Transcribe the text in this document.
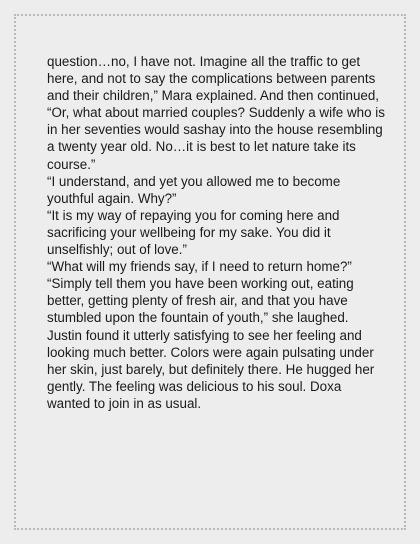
question…no, I have not. Imagine all the traffic to get here, and not to say the complications between parents and their children,” Mara explained. And then continued, “Or, what about married couples? Suddenly a wife who is in her seventies would sashay into the house resembling a twenty year old. No…it is best to let nature take its course.”

“I understand, and yet you allowed me to become youthful again. Why?”

“It is my way of repaying you for coming here and sacrificing your wellbeing for my sake. You did it unselfishly; out of love.”

“What will my friends say, if I need to return home?”

“Simply tell them you have been working out, eating better, getting plenty of fresh air, and that you have stumbled upon the fountain of youth,” she laughed. Justin found it utterly satisfying to see her feeling and looking much better. Colors were again pulsating under her skin, just barely, but definitely there. He hugged her gently. The feeling was delicious to his soul. Doxa wanted to join in as usual.
